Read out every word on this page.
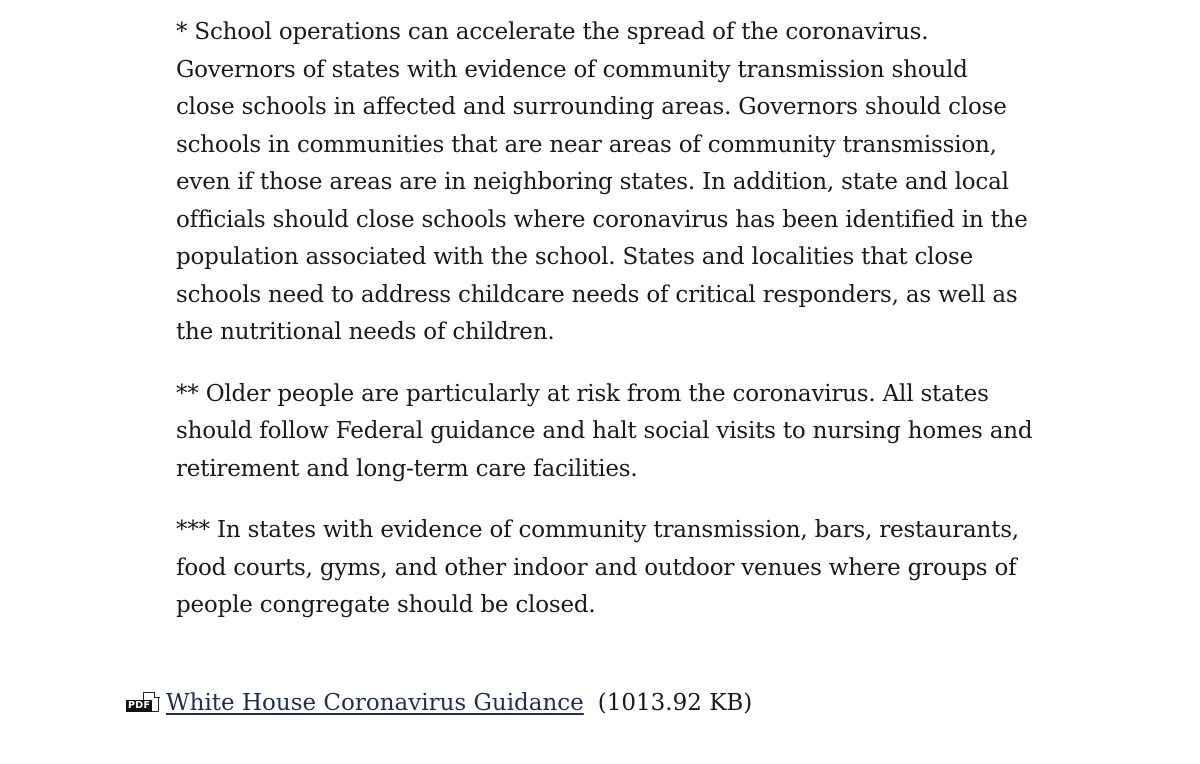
* School operations can accelerate the spread of the coronavirus.
Governors of states with evidence of community transmission should
close schools in affected and surrounding areas. Governors should close
schools in communities that are near areas of community transmission,
even if those areas are in neighboring states. In addition, state and local
officials should close schools where coronavirus has been identified in the
population associated with the school. States and localities that close
schools need to address childcare needs of critical responders, as well as
the nutritional needs of children.

** Older people are particularly at risk from the coronavirus. All states
should follow Federal guidance and halt social visits to nursing homes and
retirement and long-term care facilities.

*** In states with evidence of community transmission, bars, restaurants,
food courts, gyms, and other indoor and outdoor venues where groups of
people congregate should be closed.

PDF White House Coronavirus Guidance (1013.92 KB)
